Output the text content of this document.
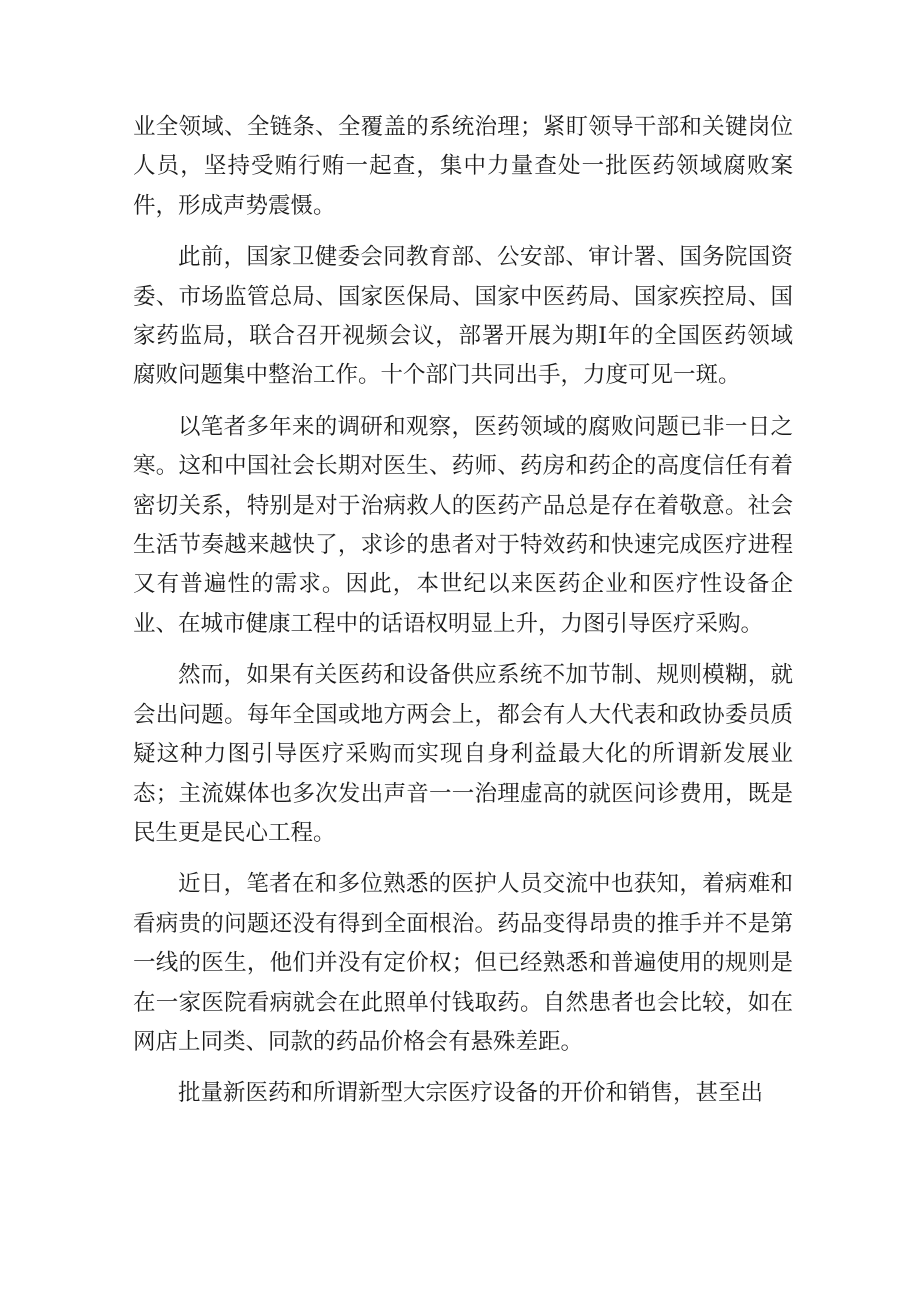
业全领域、全链条、全覆盖的系统治理；紧盯领导干部和关键岗位人员，坚持受贿行贿一起查，集中力量查处一批医药领域腐败案件，形成声势震慑。

此前，国家卫健委会同教育部、公安部、审计署、国务院国资委、市场监管总局、国家医保局、国家中医药局、国家疾控局、国家药监局，联合召开视频会议，部署开展为期I年的全国医药领域腐败问题集中整治工作。十个部门共同出手，力度可见一斑。

以笔者多年来的调研和观察，医药领域的腐败问题已非一日之寒。这和中国社会长期对医生、药师、药房和药企的高度信任有着密切关系，特别是对于治病救人的医药产品总是存在着敬意。社会生活节奏越来越快了，求诊的患者对于特效药和快速完成医疗进程又有普遍性的需求。因此，本世纪以来医药企业和医疗性设备企业、在城市健康工程中的话语权明显上升，力图引导医疗采购。

然而，如果有关医药和设备供应系统不加节制、规则模糊，就会出问题。每年全国或地方两会上，都会有人大代表和政协委员质疑这种力图引导医疗采购而实现自身利益最大化的所谓新发展业态；主流媒体也多次发出声音一一治理虚高的就医问诊费用，既是民生更是民心工程。

近日，笔者在和多位熟悉的医护人员交流中也获知，着病难和看病贵的问题还没有得到全面根治。药品变得昂贵的推手并不是第一线的医生，他们并没有定价权；但已经熟悉和普遍使用的规则是在一家医院看病就会在此照单付钱取药。自然患者也会比较，如在网店上同类、同款的药品价格会有悬殊差距。

批量新医药和所谓新型大宗医疗设备的开价和销售，甚至出
